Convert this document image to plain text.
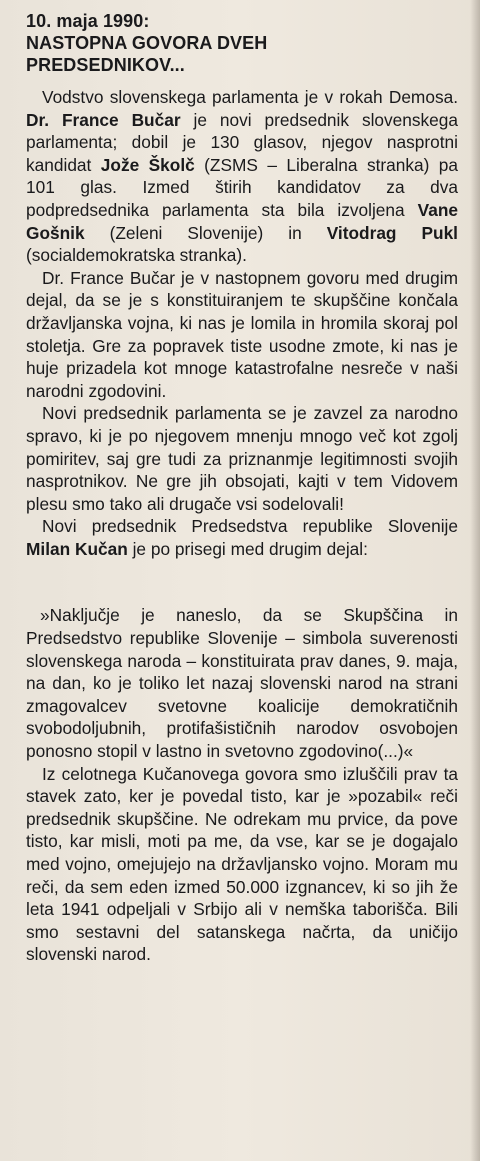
10. maja 1990:
NASTOPNA GOVORA DVEH
PREDSEDNIKOV...

Vodstvo slovenskega parlamenta je v rokah Demosa. Dr. France Bučar je novi predsednik slovenskega parlamenta; dobil je 130 glasov, njegov nasprotni kandidat Jože Školč (ZSMS – Liberalna stranka) pa 101 glas. Izmed štirih kandidatov za dva podpredsednika parlamenta sta bila izvoljena Vane Gošnik (Zeleni Slovenije) in Vitodrag Pukl (socialdemokratska stranka).

Dr. France Bučar je v nastopnem govoru med drugim dejal, da se je s konstituiranjem te skupščine končala državljanska vojna, ki nas je lomila in hromila skoraj pol stoletja. Gre za popravek tiste usodne zmote, ki nas je huje prizadela kot mnoge katastrofalne nesreče v naši narodni zgodovini.

Novi predsednik parlamenta se je zavzel za narodno spravo, ki je po njegovem mnenju mnogo več kot zgolj pomiritev, saj gre tudi za priznanmje legitimnosti svojih nasprotnikov. Ne gre jih obsojati, kajti v tem Vidovem plesu smo tako ali drugače vsi sodelovali!

Novi predsednik Predsedstva republike Slovenije Milan Kučan je po prisegi med drugim dejal:

»Naključje je naneslo, da se Skupščina in Predsedstvo republike Slovenije – simbola suverenosti slovenskega naroda – konstituirata prav danes, 9. maja, na dan, ko je toliko let nazaj slovenski narod na strani zmagovalcev svetovne koalicije demokratičnih svobodoljubnih, protifašističnih narodov osvobojen ponosno stopil v lastno in svetovno zgodovino(...)«

Iz celotnega Kučanovega govora smo izluščili prav ta stavek zato, ker je povedal tisto, kar je »pozabil« reči predsednik skupščine. Ne odrekam mu prvice, da pove tisto, kar misli, moti pa me, da vse, kar se je dogajalo med vojno, omejujejo na državljansko vojno. Moram mu reči, da sem eden izmed 50.000 izgnancev, ki so jih že leta 1941 odpeljali v Srbijo ali v nemška taborišča. Bili smo sestavni del satanskega načrta, da uničijo slovenski narod.
